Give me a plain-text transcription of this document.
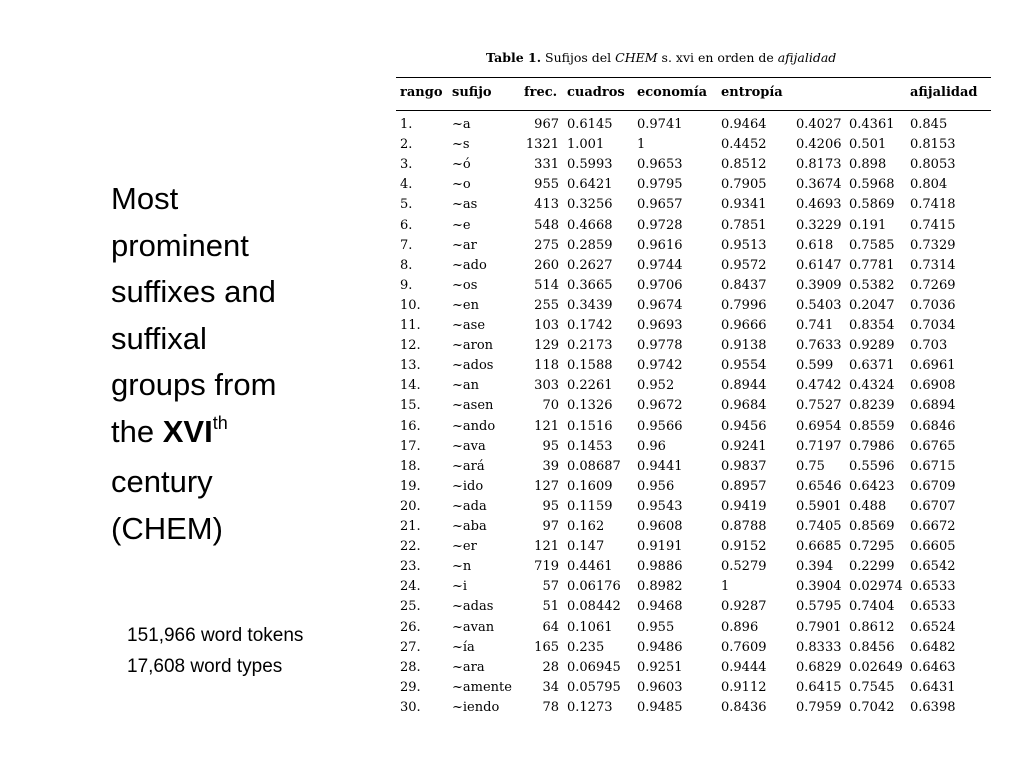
Most
prominent
suffixes and
suffixal
groups from
the XVIth
century
(CHEM)
151,966 word tokens
17,608 word types
Table 1. Sufijos del CHEM s. xvi en orden de afijalidad
rango sufijo frec. cuadros economía entropía	afijalidad
1.	~a	967 0.6145 0.9741	0.9464 0.4027 0.4361 0.845
2.	~s	1321 1.001	1	0.4452 0.4206 0.501 0.8153
3.	~ó	331 0.5993 0.9653	0.8512 0.8173 0.898 0.8053
4.	~o	955 0.6421 0.9795	0.7905 0.3674 0.5968 0.804
5.	~as	413 0.3256 0.9657	0.9341 0.4693 0.5869 0.7418
6.	~e	548 0.4668 0.9728	0.7851 0.3229 0.191 0.7415
7.	~ar	275 0.2859 0.9616	0.9513 0.618 0.7585 0.7329
8.	~ado	260 0.2627 0.9744	0.9572 0.6147 0.7781 0.7314
9.	~os	514 0.3665 0.9706	0.8437 0.3909 0.5382 0.7269
10. ~en	255 0.3439 0.9674	0.7996 0.5403 0.2047 0.7036
11. ~ase	103 0.1742 0.9693	0.9666 0.741 0.8354 0.7034
12. ~aron	129 0.2173 0.9778	0.9138 0.7633 0.9289 0.703
13. ~ados	118 0.1588 0.9742	0.9554 0.599 0.6371 0.6961
14. ~an	303 0.2261 0.952	0.8944 0.4742 0.4324 0.6908
15. ~asen	70 0.1326 0.9672	0.9684 0.7527 0.8239 0.6894
16. ~ando	121 0.1516 0.9566	0.9456 0.6954 0.8559 0.6846
17. ~ava	95 0.1453 0.96	0.9241 0.7197 0.7986 0.6765
18. ~ará	39 0.08687 0.9441	0.9837 0.75 0.5596 0.6715
19. ~ido	127 0.1609 0.956	0.8957 0.6546 0.6423 0.6709
20. ~ada	95 0.1159 0.9543	0.9419 0.5901 0.488 0.6707
21. ~aba	97 0.162	0.9608	0.8788 0.7405 0.8569 0.6672
22. ~er	121 0.147	0.9191	0.9152 0.6685 0.7295 0.6605
23. ~n	719 0.4461 0.9886	0.5279 0.394 0.2299 0.6542
24. ~i	57 0.06176 0.8982	1	0.3904 0.02974 0.6533
25. ~adas	51 0.08442 0.9468	0.9287 0.5795 0.7404 0.6533
26. ~avan	64 0.1061 0.955	0.896	0.7901 0.8612 0.6524
27. ~ía	165 0.235	0.9486	0.7609 0.8333 0.8456 0.6482
28. ~ara	28 0.06945 0.9251	0.9444 0.6829 0.02649 0.6463
29. ~amente 34 0.05795 0.9603	0.9112 0.6415 0.7545 0.6431
30. ~iendo	78 0.1273 0.9485	0.8436 0.7959 0.7042 0.6398
